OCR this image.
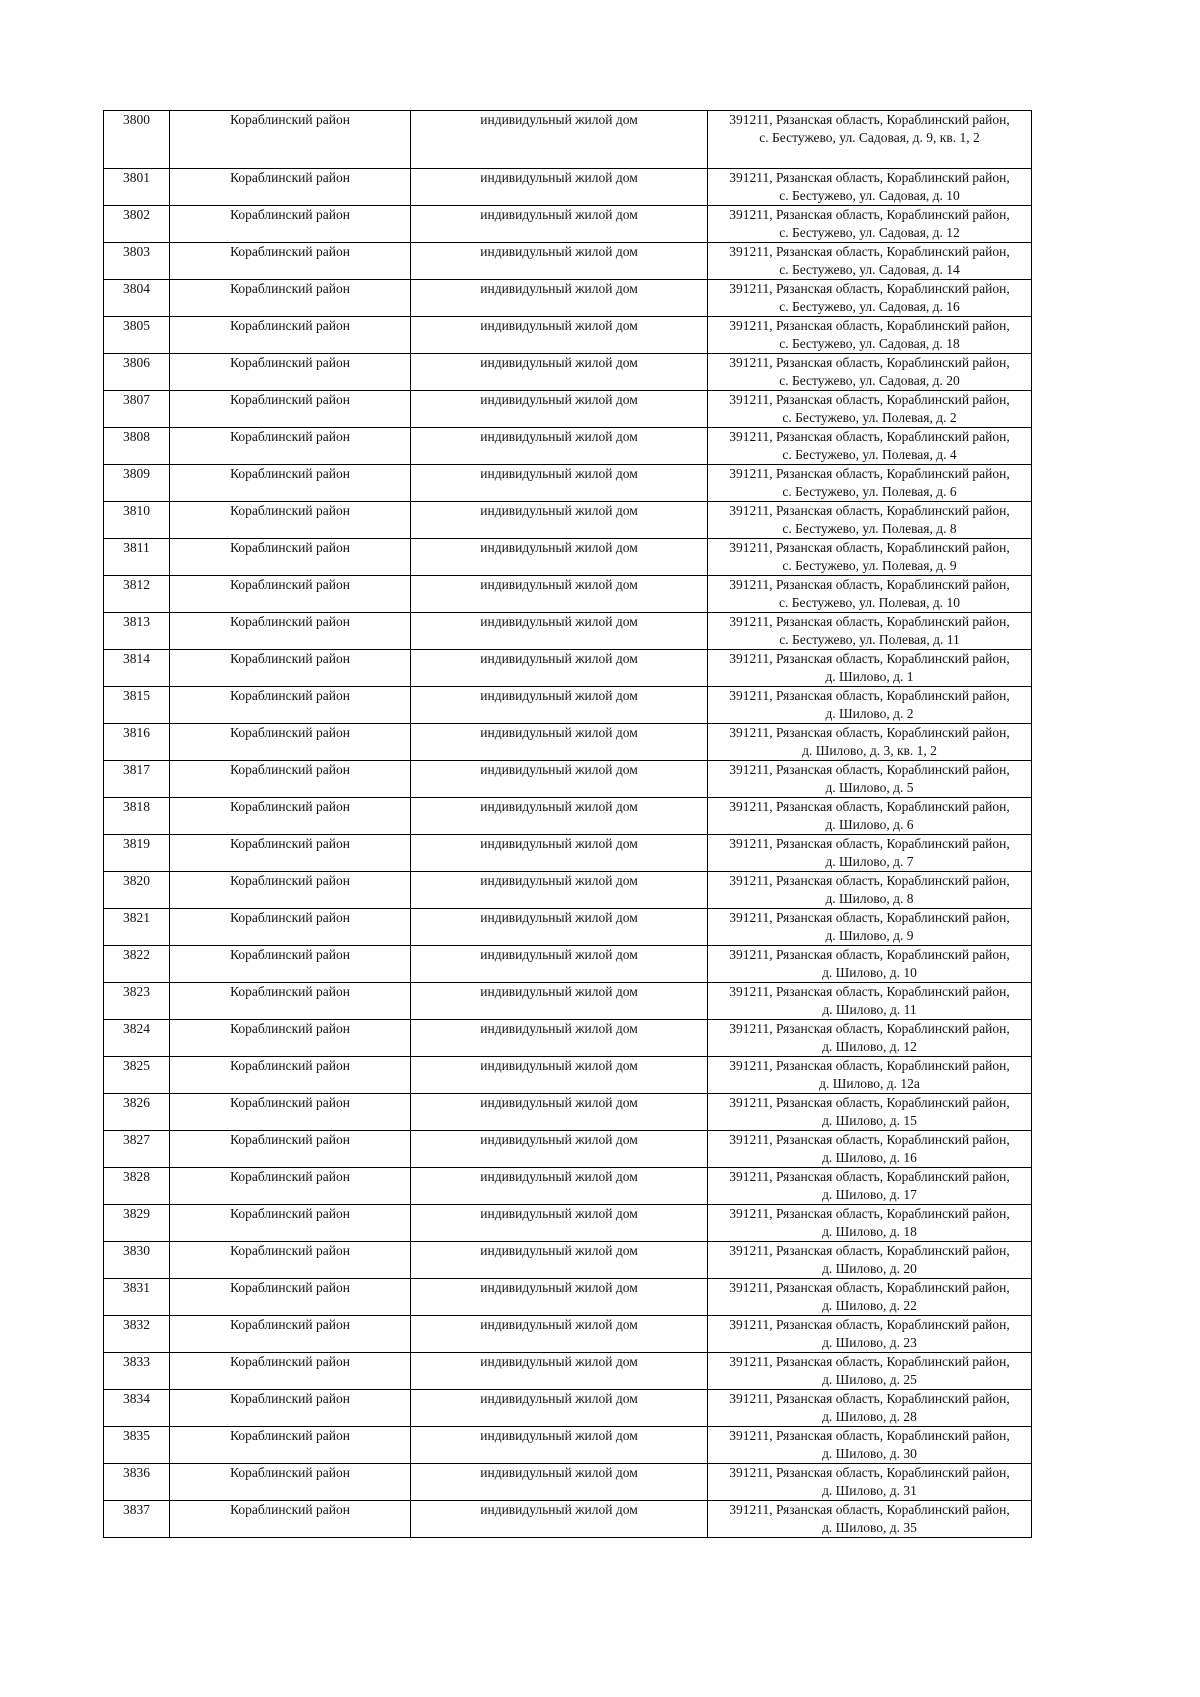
3800	Кораблинский район	индивидульный жилой дом	391211, Рязанская область, Кораблинский район,
с. Бестужево, ул. Садовая, д. 9, кв. 1, 2

3801	Кораблинский район	индивидульный жилой дом	391211, Рязанская область, Кораблинский район,
с. Бестужево, ул. Садовая, д. 10

3802	Кораблинский район	индивидульный жилой дом	391211, Рязанская область, Кораблинский район,
с. Бестужево, ул. Садовая, д. 12

3803	Кораблинский район	индивидульный жилой дом	391211, Рязанская область, Кораблинский район,
с. Бестужево, ул. Садовая, д. 14

3804	Кораблинский район	индивидульный жилой дом	391211, Рязанская область, Кораблинский район,
с. Бестужево, ул. Садовая, д. 16

3805	Кораблинский район	индивидульный жилой дом	391211, Рязанская область, Кораблинский район,
с. Бестужево, ул. Садовая, д. 18

3806	Кораблинский район	индивидульный жилой дом	391211, Рязанская область, Кораблинский район,
с. Бестужево, ул. Садовая, д. 20

3807	Кораблинский район	индивидульный жилой дом	391211, Рязанская область, Кораблинский район,
с. Бестужево, ул. Полевая, д. 2

3808	Кораблинский район	индивидульный жилой дом	391211, Рязанская область, Кораблинский район,
с. Бестужево, ул. Полевая, д. 4

3809	Кораблинский район	индивидульный жилой дом	391211, Рязанская область, Кораблинский район,
с. Бестужево, ул. Полевая, д. 6

3810	Кораблинский район	индивидульный жилой дом	391211, Рязанская область, Кораблинский район,
с. Бестужево, ул. Полевая, д. 8

3811	Кораблинский район	индивидульный жилой дом	391211, Рязанская область, Кораблинский район,
с. Бестужево, ул. Полевая, д. 9

3812	Кораблинский район	индивидульный жилой дом	391211, Рязанская область, Кораблинский район,
с. Бестужево, ул. Полевая, д. 10

3813	Кораблинский район	индивидульный жилой дом	391211, Рязанская область, Кораблинский район,
с. Бестужево, ул. Полевая, д. 11

3814	Кораблинский район	индивидульный жилой дом	391211, Рязанская область, Кораблинский район,
д. Шилово, д. 1

3815	Кораблинский район	индивидульный жилой дом	391211, Рязанская область, Кораблинский район,
д. Шилово, д. 2

3816	Кораблинский район	индивидульный жилой дом	391211, Рязанская область, Кораблинский район,
д. Шилово, д. 3, кв. 1, 2

3817	Кораблинский район	индивидульный жилой дом	391211, Рязанская область, Кораблинский район,
д. Шилово, д. 5

3818	Кораблинский район	индивидульный жилой дом	391211, Рязанская область, Кораблинский район,
д. Шилово, д. 6

3819	Кораблинский район	индивидульный жилой дом	391211, Рязанская область, Кораблинский район,
д. Шилово, д. 7

3820	Кораблинский район	индивидульный жилой дом	391211, Рязанская область, Кораблинский район,
д. Шилово, д. 8

3821	Кораблинский район	индивидульный жилой дом	391211, Рязанская область, Кораблинский район,
д. Шилово, д. 9

3822	Кораблинский район	индивидульный жилой дом	391211, Рязанская область, Кораблинский район,
д. Шилово, д. 10

3823	Кораблинский район	индивидульный жилой дом	391211, Рязанская область, Кораблинский район,
д. Шилово, д. 11

3824	Кораблинский район	индивидульный жилой дом	391211, Рязанская область, Кораблинский район,
д. Шилово, д. 12

3825	Кораблинский район	индивидульный жилой дом	391211, Рязанская область, Кораблинский район,
д. Шилово, д. 12а

3826	Кораблинский район	индивидульный жилой дом	391211, Рязанская область, Кораблинский район,
д. Шилово, д. 15

3827	Кораблинский район	индивидульный жилой дом	391211, Рязанская область, Кораблинский район,
д. Шилово, д. 16

3828	Кораблинский район	индивидульный жилой дом	391211, Рязанская область, Кораблинский район,
д. Шилово, д. 17

3829	Кораблинский район	индивидульный жилой дом	391211, Рязанская область, Кораблинский район,
д. Шилово, д. 18

3830	Кораблинский район	индивидульный жилой дом	391211, Рязанская область, Кораблинский район,
д. Шилово, д. 20

3831	Кораблинский район	индивидульный жилой дом	391211, Рязанская область, Кораблинский район,
д. Шилово, д. 22

3832	Кораблинский район	индивидульный жилой дом	391211, Рязанская область, Кораблинский район,
д. Шилово, д. 23

3833	Кораблинский район	индивидульный жилой дом	391211, Рязанская область, Кораблинский район,
д. Шилово, д. 25

3834	Кораблинский район	индивидульный жилой дом	391211, Рязанская область, Кораблинский район,
д. Шилово, д. 28

3835	Кораблинский район	индивидульный жилой дом	391211, Рязанская область, Кораблинский район,
д. Шилово, д. 30

3836	Кораблинский район	индивидульный жилой дом	391211, Рязанская область, Кораблинский район,
д. Шилово, д. 31

3837	Кораблинский район	индивидульный жилой дом	391211, Рязанская область, Кораблинский район,
д. Шилово, д. 35
